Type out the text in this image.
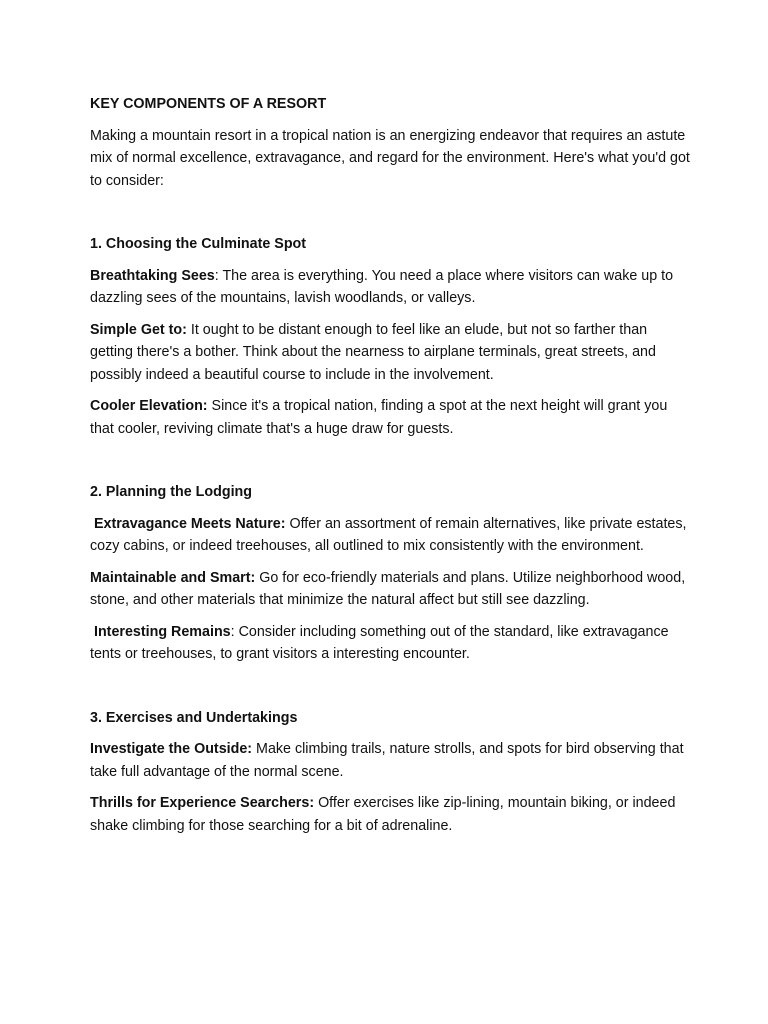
KEY COMPONENTS OF A RESORT

Making a mountain resort in a tropical nation is an energizing endeavor that requires an astute mix of normal excellence, extravagance, and regard for the environment. Here's what you'd got to consider:

1. Choosing the Culminate Spot

Breathtaking Sees: The area is everything. You need a place where visitors can wake up to dazzling sees of the mountains, lavish woodlands, or valleys.

Simple Get to: It ought to be distant enough to feel like an elude, but not so farther than getting there's a bother. Think about the nearness to airplane terminals, great streets, and possibly indeed a beautiful course to include in the involvement.

Cooler Elevation: Since it's a tropical nation, finding a spot at the next height will grant you that cooler, reviving climate that's a huge draw for guests.

2. Planning the Lodging

Extravagance Meets Nature: Offer an assortment of remain alternatives, like private estates, cozy cabins, or indeed treehouses, all outlined to mix consistently with the environment.

Maintainable and Smart: Go for eco-friendly materials and plans. Utilize neighborhood wood, stone, and other materials that minimize the natural affect but still see dazzling.

Interesting Remains: Consider including something out of the standard, like extravagance tents or treehouses, to grant visitors a interesting encounter.

3. Exercises and Undertakings

Investigate the Outside: Make climbing trails, nature strolls, and spots for bird observing that take full advantage of the normal scene.

Thrills for Experience Searchers: Offer exercises like zip-lining, mountain biking, or indeed shake climbing for those searching for a bit of adrenaline.
